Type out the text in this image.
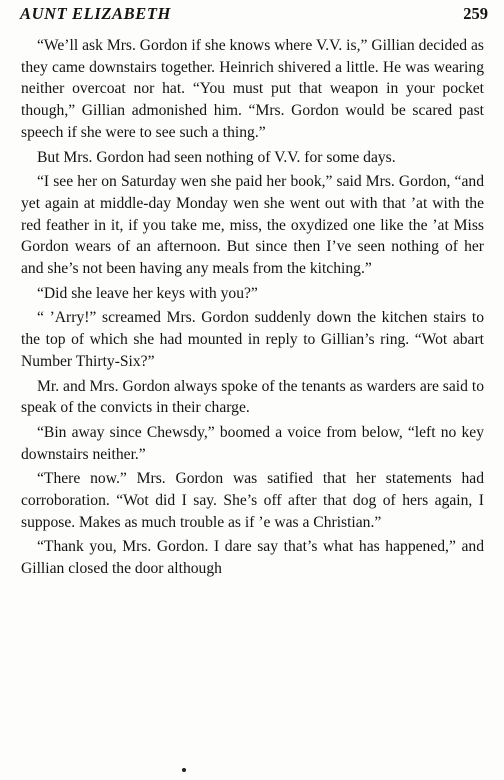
AUNT ELIZABETH	259

“We’ll ask Mrs. Gordon if she knows where V.V. is,” Gillian decided as they came downstairs together. Heinrich shivered a little. He was wearing neither overcoat nor hat. “You must put that weapon in your pocket though,” Gillian admonished him. “Mrs. Gordon would be scared past speech if she were to see such a thing.”

But Mrs. Gordon had seen nothing of V.V. for some days.

“I see her on Saturday wen she paid her book,” said Mrs. Gordon, “and yet again at middle-day Monday wen she went out with that ’at with the red feather in it, if you take me, miss, the oxydized one like the ’at Miss Gordon wears of an afternoon. But since then I’ve seen nothing of her and she’s not been having any meals from the kitching.”

“Did she leave her keys with you?”

“ ’Arry!” screamed Mrs. Gordon suddenly down the kitchen stairs to the top of which she had mounted in reply to Gillian’s ring. “Wot abart Number Thirty-Six?”

Mr. and Mrs. Gordon always spoke of the tenants as warders are said to speak of the convicts in their charge.

“Bin away since Chewsdy,” boomed a voice from below, “left no key downstairs neither.”

“There now.” Mrs. Gordon was satified that her statements had corroboration. “Wot did I say. She’s off after that dog of hers again, I suppose. Makes as much trouble as if ’e was a Christian.”

“Thank you, Mrs. Gordon. I dare say that’s what has happened,” and Gillian closed the door although
